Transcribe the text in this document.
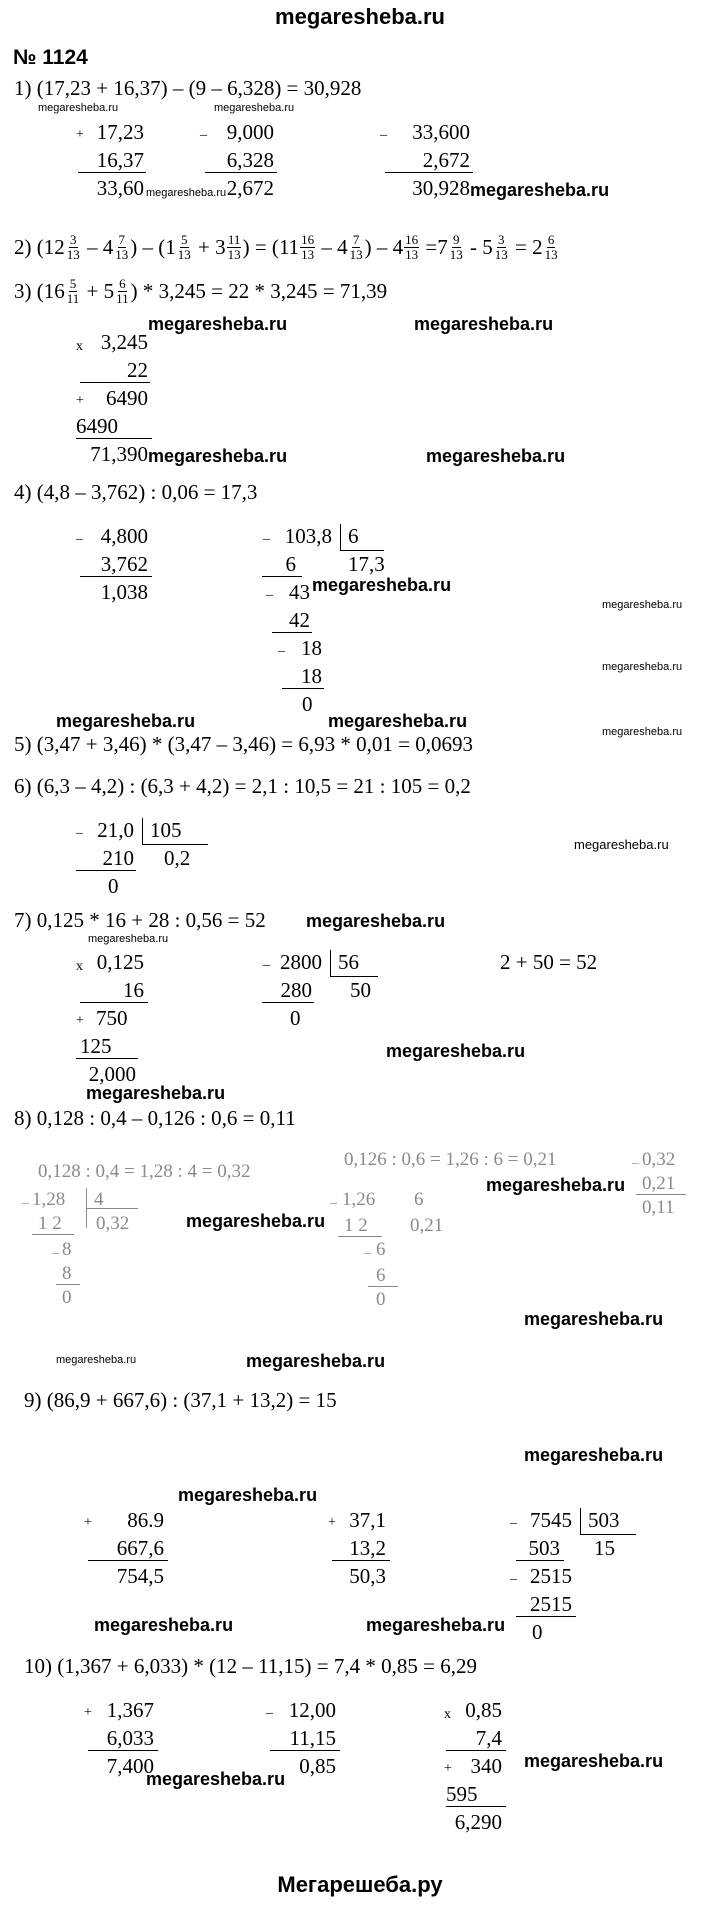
megaresheba.ru
№ 1124
1) (17,23 + 16,37) – (9 – 6,328) = 30,928
megaresheba.ru	megaresheba.ru
+ 17,23
16,37
33,60 megaresheba.ru
_ 9,000
6,328
2,672
_	33,600
2,672
30,928 megaresheba.ru
2) ( $12 \frac{3}{13} - 4 \frac{7}{13}$ ) – ( $1 \frac{5}{13} + 3 \frac{11}{13}$ ) = ( $11 \frac{16}{13} - 4 \frac{7}{13}$ ) – $4 \frac{16}{13} = 7 \frac{9}{13} - 5 \frac{3}{13} = 2 \frac{6}{13}$
3) ( $16 \frac{5}{11} + 5 \frac{6}{11}$ ) * 3,245 = 22 * 3,245 = 71,39
x 3,245
22
+	6490
6490
71,390
megaresheba.ru	megaresheba.ru
megaresheba.ru	megaresheba.ru
4) (4,8 – 3,762) : 0,06 = 17,3
_ 4,800
3,762
1,038
_ 103,8 6
17,3
6
_ 43
42
_ 18
18
0
megaresheba.ru
megaresheba.ru
megaresheba.ru
megaresheba.ru
megaresheba.ru	megaresheba.ru
5) (3,47 + 3,46) * (3,47 – 3,46) = 6,93 * 0,01 = 0,0693
6) (6,3 – 4,2) : (6,3 + 4,2) = 2,1 : 10,5 = 21 : 105 = 0,2
_ 21,0 105
210 0,2
0
megaresheba.ru
7) 0,125 * 16 + 28 : 0,56 = 52 megaresheba.ru
megaresheba.ru
x 0,125
16
+ 750
125
2,000
_ 2800 56
280 50
0
2 + 50 = 52
megaresheba.ru
megaresheba.ru
8) 0,128 : 0,4 – 0,126 : 0,6 = 0,11
0,128 : 0,4 = 1,28 : 4 = 0,32
0,126 : 0,6 = 1,26 : 6 = 0,21
_ 1,28 4
1 2 0,32
_ 8
8
0
_ 1,26 6
1 2 0,21
_ 6
6
0
_ 0,32
0,21
0,11
megaresheba.ru
megaresheba.ru
megaresheba.ru
megaresheba.ru	megaresheba.ru
9) (86,9 + 667,6) : (37,1 + 13,2) = 15
megaresheba.ru
megaresheba.ru
+	86.9
667,6
754,5
+ 37,1
13,2
50,3
_ 7545 503
503 15
_ 2515
2515
0
megaresheba.ru	megaresheba.ru
10) (1,367 + 6,033) * (12 – 11,15) = 7,4 * 0,85 = 6,29
+ 1,367
6,033
7,400
_ 12,00
11,15
0,85
x 0,85
7,4
+ 340
595
6,290
megaresheba.ru
megaresheba.ru
Мегарешеба.ру
